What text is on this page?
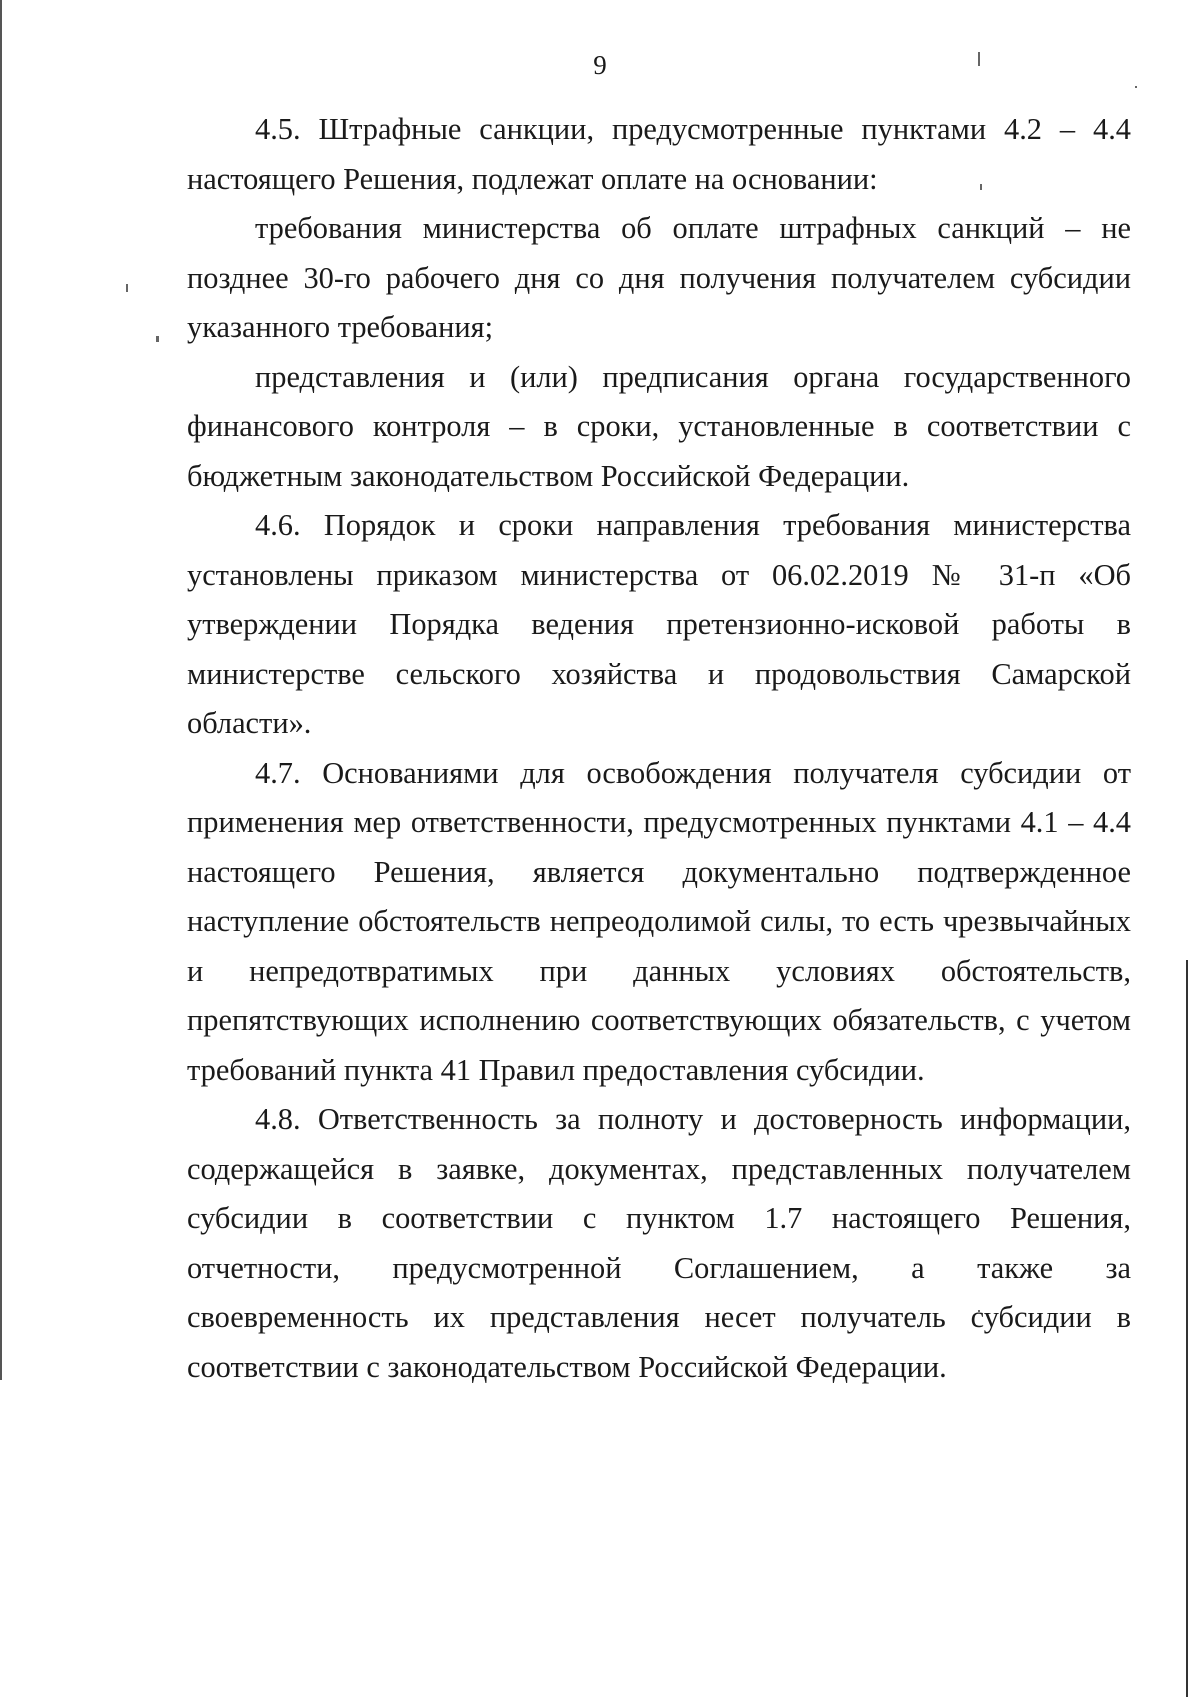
9

4.5. Штрафные санкции, предусмотренные пунктами 4.2 – 4.4 настоящего Решения, подлежат оплате на основании:

требования министерства об оплате штрафных санкций – не позднее 30-го рабочего дня со дня получения получателем субсидии указанного требования;

представления и (или) предписания органа государственного финансового контроля – в сроки, установленные в соответствии с бюджетным законодательством Российской Федерации.

4.6. Порядок и сроки направления требования министерства установлены приказом министерства от 06.02.2019 № 31-п «Об утверждении Порядка ведения претензионно-исковой работы в министерстве сельского хозяйства и продовольствия Самарской области».

4.7. Основаниями для освобождения получателя субсидии от применения мер ответственности, предусмотренных пунктами 4.1 – 4.4 настоящего Решения, является документально подтвержденное наступление обстоятельств непреодолимой силы, то есть чрезвычайных и непредотвратимых при данных условиях обстоятельств, препятствующих исполнению соответствующих обязательств, с учетом требований пункта 41 Правил предоставления субсидии.

4.8. Ответственность за полноту и достоверность информации, содержащейся в заявке, документах, представленных получателем субсидии в соответствии с пунктом 1.7 настоящего Решения, отчетности, предусмотренной Соглашением, а также за своевременность их представления несет получатель субсидии в соответствии с законодательством Российской Федерации.
